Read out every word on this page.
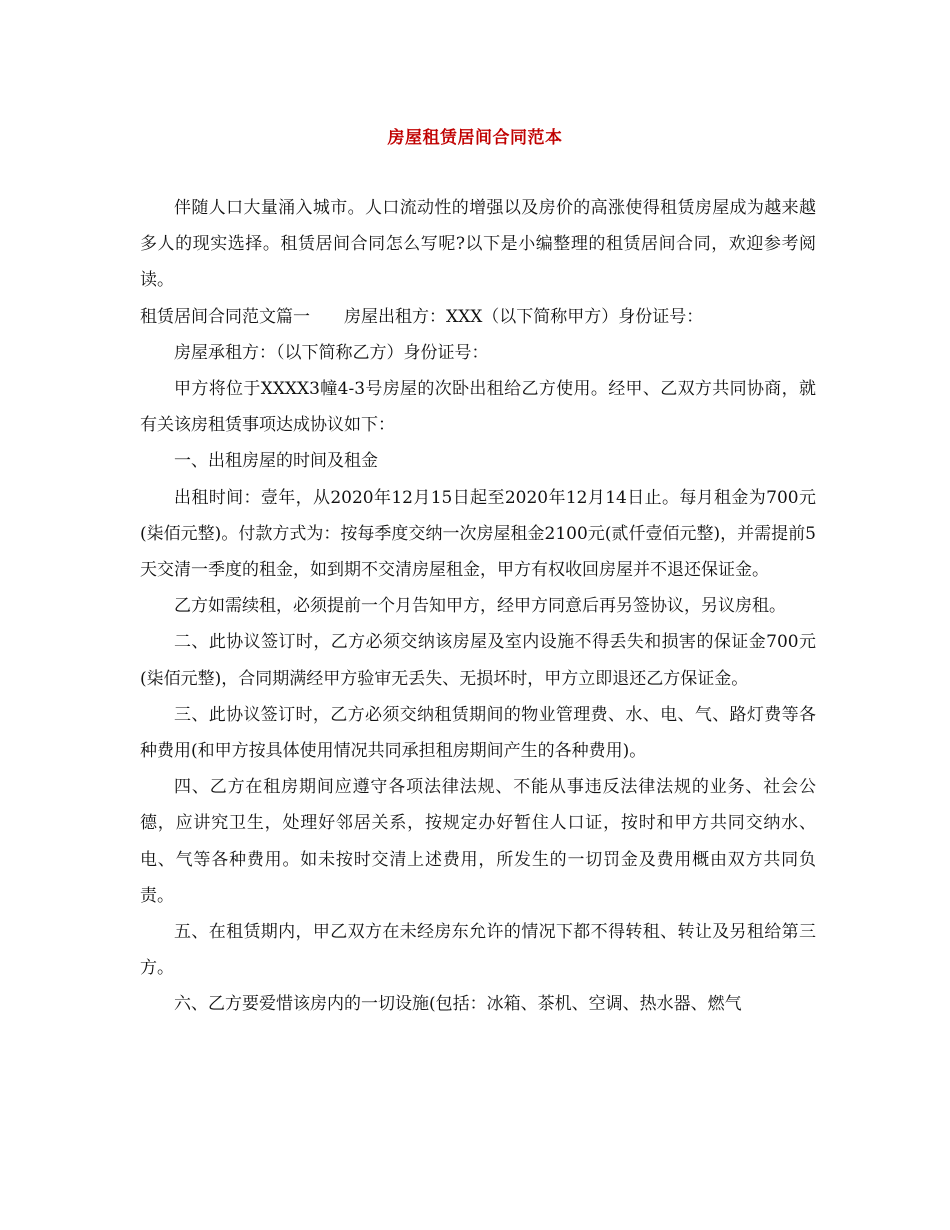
房屋租赁居间合同范本

伴随人口大量涌入城市。人口流动性的增强以及房价的高涨使得租赁房屋成为越来越多人的现实选择。租赁居间合同怎么写呢?以下是小编整理的租赁居间合同，欢迎参考阅读。

租赁居间合同范文篇一　　房屋出租方：XXX（以下简称甲方）身份证号：

房屋承租方：（以下简称乙方）身份证号：

甲方将位于XXXX3幢4-3号房屋的次卧出租给乙方使用。经甲、乙双方共同协商，就有关该房租赁事项达成协议如下：

一、出租房屋的时间及租金

出租时间：壹年，从2020年12月15日起至2020年12月14日止。每月租金为700元(柒佰元整)。付款方式为：按每季度交纳一次房屋租金2100元(贰仟壹佰元整)，并需提前5天交清一季度的租金，如到期不交清房屋租金，甲方有权收回房屋并不退还保证金。

乙方如需续租，必须提前一个月告知甲方，经甲方同意后再另签协议，另议房租。

二、此协议签订时，乙方必须交纳该房屋及室内设施不得丢失和损害的保证金700元(柒佰元整)，合同期满经甲方验审无丢失、无损坏时，甲方立即退还乙方保证金。

三、此协议签订时，乙方必须交纳租赁期间的物业管理费、水、电、气、路灯费等各种费用(和甲方按具体使用情况共同承担租房期间产生的各种费用)。

四、乙方在租房期间应遵守各项法律法规、不能从事违反法律法规的业务、社会公德，应讲究卫生，处理好邻居关系，按规定办好暂住人口证，按时和甲方共同交纳水、电、气等各种费用。如未按时交清上述费用，所发生的一切罚金及费用概由双方共同负责。

五、在租赁期内，甲乙双方在未经房东允许的情况下都不得转租、转让及另租给第三方。

六、乙方要爱惜该房内的一切设施(包括：冰箱、茶机、空调、热水器、燃气
